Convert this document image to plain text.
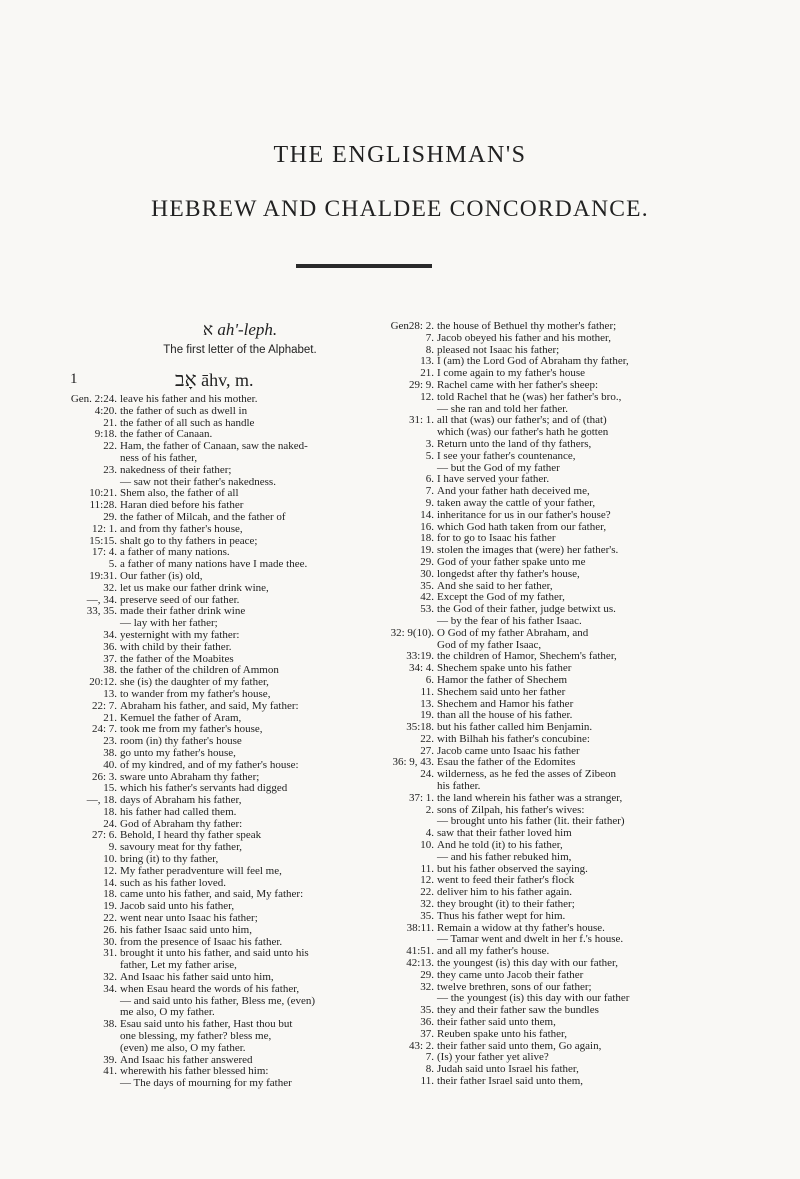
THE ENGLISHMAN'S
HEBREW AND CHALDEE CONCORDANCE.
א ah'-leph.
The first letter of the Alphabet.
1	אָב āhv, m.
Gen. 2:24. leave his father and his mother.
4:20. the father of such as dwell in
21. the father of all such as handle
9:18. the father of Canaan.
22. Ham, the father of Canaan, saw the naked-
ness of his father,
23. nakedness of their father;
— saw not their father's nakedness.
10:21. Shem also, the father of all
11:28. Haran died before his father
29. the father of Milcah, and the father of
12: 1. and from thy father's house,
15:15. shalt go to thy fathers in peace;
17: 4. a father of many nations.
5. a father of many nations have I made thee.
19:31. Our father (is) old,
32. let us make our father drink wine,
—, 34. preserve seed of our father.
33, 35. made their father drink wine
— lay with her father;
34. yesternight with my father:
36. with child by their father.
37. the father of the Moabites
38. the father of the children of Ammon
20:12. she (is) the daughter of my father,
13. to wander from my father's house,
22: 7. Abraham his father, and said, My father:
21. Kemuel the father of Aram,
24: 7. took me from my father's house,
23. room (in) thy father's house
38. go unto my father's house,
40. of my kindred, and of my father's house:
26: 3. sware unto Abraham thy father;
15. which his father's servants had digged
—, 18. days of Abraham his father,
18. his father had called them.
24. God of Abraham thy father:
27: 6. Behold, I heard thy father speak
9. savoury meat for thy father,
10. bring (it) to thy father,
12. My father peradventure will feel me,
14. such as his father loved.
18. came unto his father, and said, My father:
19. Jacob said unto his father,
22. went near unto Isaac his father;
26. his father Isaac said unto him,
30. from the presence of Isaac his father.
31. brought it unto his father, and said unto his
father, Let my father arise,
32. And Isaac his father said unto him,
34. when Esau heard the words of his father,
— and said unto his father, Bless me, (even)
me also, O my father.
38. Esau said unto his father, Hast thou but
one blessing, my father? bless me,
(even) me also, O my father.
39. And Isaac his father answered
41. wherewith his father blessed him:
— The days of mourning for my father
Gen28: 2. the house of Bethuel thy mother's father;
7. Jacob obeyed his father and his mother,
8. pleased not Isaac his father;
13. I (am) the Lord God of Abraham thy father,
21. I come again to my father's house
29: 9. Rachel came with her father's sheep:
12. told Rachel that he (was) her father's bro.,
— she ran and told her father.
31: 1. all that (was) our father's; and of (that)
which (was) our father's hath he gotten
3. Return unto the land of thy fathers,
5. I see your father's countenance,
— but the God of my father
6. I have served your father.
7. And your father hath deceived me,
9. taken away the cattle of your father,
14. inheritance for us in our father's house?
16. which God hath taken from our father,
18. for to go to Isaac his father
19. stolen the images that (were) her father's.
29. God of your father spake unto me
30. longedst after thy father's house,
35. And she said to her father,
42. Except the God of my father,
53. the God of their father, judge betwixt us.
— by the fear of his father Isaac.
32: 9(10). O God of my father Abraham, and
God of my father Isaac,
33:19. the children of Hamor, Shechem's father,
34: 4. Shechem spake unto his father
6. Hamor the father of Shechem
11. Shechem said unto her father
13. Shechem and Hamor his father
19. than all the house of his father.
35:18. but his father called him Benjamin.
22. with Bilhah his father's concubine:
27. Jacob came unto Isaac his father
36: 9, 43. Esau the father of the Edomites
24. wilderness, as he fed the asses of Zibeon
his father.
37: 1. the land wherein his father was a stranger,
2. sons of Zilpah, his father's wives:
— brought unto his father (lit. their father)
4. saw that their father loved him
10. And he told (it) to his father,
— and his father rebuked him,
11. but his father observed the saying.
12. went to feed their father's flock
22. deliver him to his father again.
32. they brought (it) to their father;
35. Thus his father wept for him.
38:11. Remain a widow at thy father's house.
— Tamar went and dwelt in her f.'s house.
41:51. and all my father's house.
42:13. the youngest (is) this day with our father,
29. they came unto Jacob their father
32. twelve brethren, sons of our father;
— the youngest (is) this day with our father
35. they and their father saw the bundles
36. their father said unto them,
37. Reuben spake unto his father,
43: 2. their father said unto them, Go again,
7. (Is) your father yet alive?
8. Judah said unto Israel his father,
11. their father Israel said unto them,
